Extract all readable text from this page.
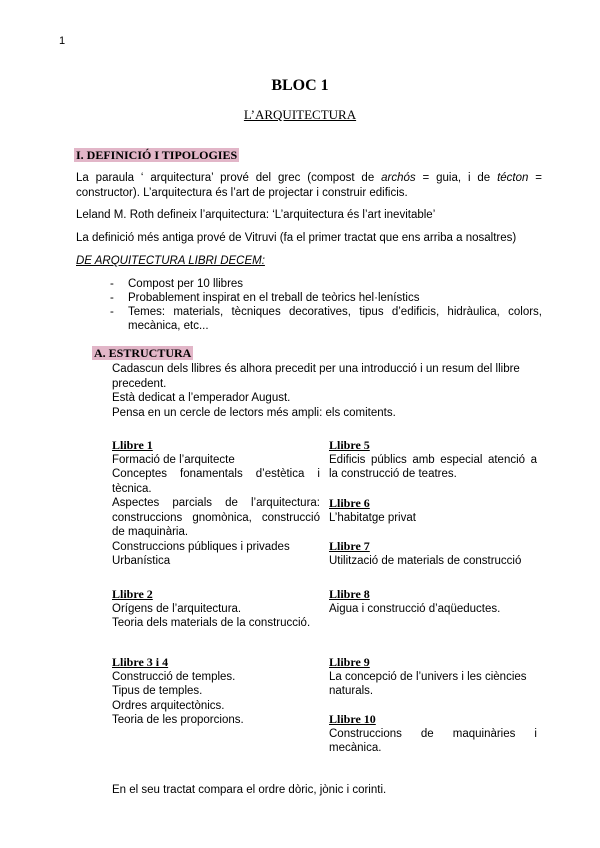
1
BLOC 1
L’ARQUITECTURA
I. DEFINICIÓ I TIPOLOGIES
La paraula ‘ arquitectura’ prové del grec (compost de archós = guia, i de técton = constructor). L’arquitectura és l’art de projectar i construir edificis.
Leland M. Roth defineix l’arquitectura: ‘L’arquitectura és l’art inevitable’
La definició més antiga prové de Vitruvi (fa el primer tractat que ens arriba a nosaltres)
DE ARQUITECTURA LIBRI DECEM:
- Compost per 10 llibres
- Probablement inspirat en el treball de teòrics hel·lenístics
- Temes: materials, tècniques decoratives, tipus d’edificis, hidràulica, colors, mecànica, etc...
A. ESTRUCTURA
Cadascun dels llibres és alhora precedit per una introducció i un resum del llibre precedent.
Està dedicat a l’emperador August.
Pensa en un cercle de lectors més ampli: els comitents.
Llibre 1
Formació de l’arquitecte
Conceptes fonamentals d’estètica i tècnica.
Aspectes parcials de l’arquitectura: construccions gnomònica, construcció de maquinària.
Construccions públiques i privades
Urbanística
Llibre 2
Orígens de l’arquitectura.
Teoria dels materials de la construcció.
Llibre 3 i 4
Construcció de temples.
Tipus de temples.
Ordres arquitectònics.
Teoria de les proporcions.
Llibre 5
Edificis públics amb especial atenció a la construcció de teatres.
Llibre 6
L’habitatge privat
Llibre 7
Utilització de materials de construcció
Llibre 8
Aigua i construcció d’aqüeductes.
Llibre 9
La concepció de l’univers i les ciències naturals.
Llibre 10
Construccions de maquinàries i mecànica.
En el seu tractat compara el ordre dòric, jònic i corinti.
